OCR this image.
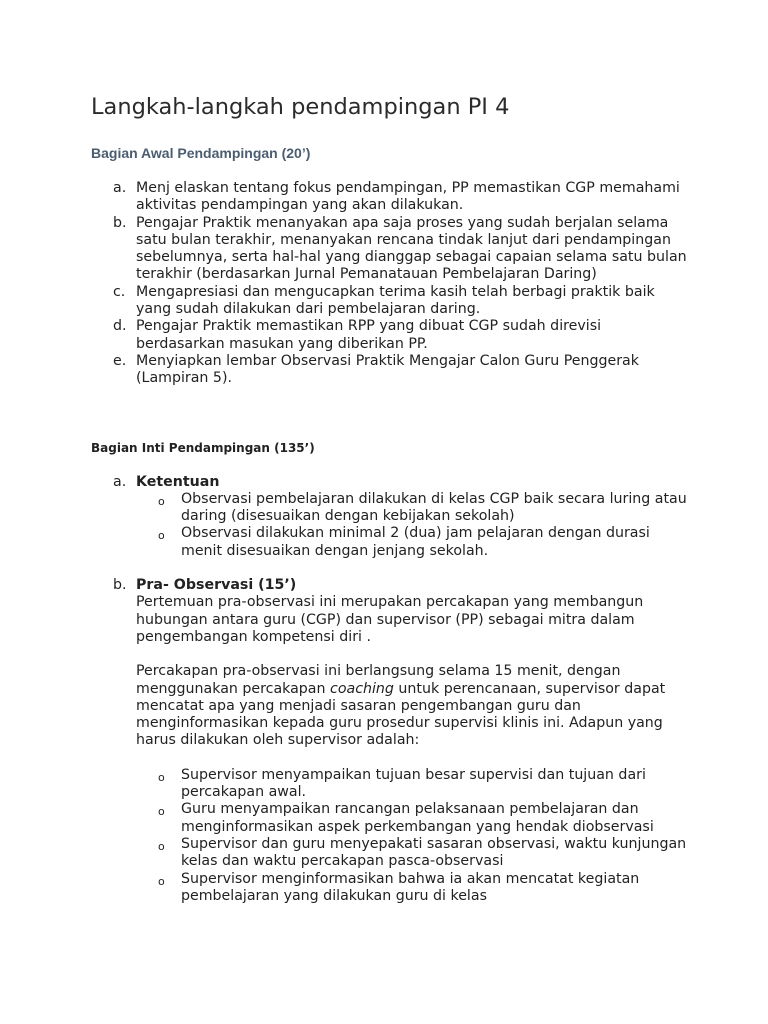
Langkah-langkah pendampingan PI 4
Bagian Awal Pendampingan (20’)
a. Menj elaskan tentang fokus pendampingan, PP memastikan CGP memahami aktivitas pendampingan yang akan dilakukan.
b. Pengajar Praktik menanyakan apa saja proses yang sudah berjalan selama satu bulan terakhir, menanyakan rencana tindak lanjut dari pendampingan sebelumnya, serta hal-hal yang dianggap sebagai capaian selama satu bulan terakhir (berdasarkan Jurnal Pemanatauan Pembelajaran Daring)
c. Mengapresiasi dan mengucapkan terima kasih telah berbagi praktik baik yang sudah dilakukan dari pembelajaran daring.
d. Pengajar Praktik memastikan RPP yang dibuat CGP sudah direvisi berdasarkan masukan yang diberikan PP.
e. Menyiapkan lembar Observasi Praktik Mengajar Calon Guru Penggerak (Lampiran 5).
Bagian Inti Pendampingan (135’)
a. Ketentuan
o Observasi pembelajaran dilakukan di kelas CGP baik secara luring atau daring (disesuaikan dengan kebijakan sekolah)
o Observasi dilakukan minimal 2 (dua) jam pelajaran dengan durasi menit disesuaikan dengan jenjang sekolah.
b. Pra- Observasi (15’)

Pertemuan pra-observasi ini merupakan percakapan yang membangun hubungan antara guru (CGP) dan supervisor (PP) sebagai mitra dalam pengembangan kompetensi diri .

Percakapan pra-observasi ini berlangsung selama 15 menit, dengan menggunakan percakapan coaching untuk perencanaan, supervisor dapat mencatat apa yang menjadi sasaran pengembangan guru dan menginformasikan kepada guru prosedur supervisi klinis ini. Adapun yang harus dilakukan oleh supervisor adalah:

o Supervisor menyampaikan tujuan besar supervisi dan tujuan dari percakapan awal.
o Guru menyampaikan rancangan pelaksanaan pembelajaran dan menginformasikan aspek perkembangan yang hendak diobservasi
o Supervisor dan guru menyepakati sasaran observasi, waktu kunjungan kelas dan waktu percakapan pasca-observasi
o Supervisor menginformasikan bahwa ia akan mencatat kegiatan pembelajaran yang dilakukan guru di kelas
